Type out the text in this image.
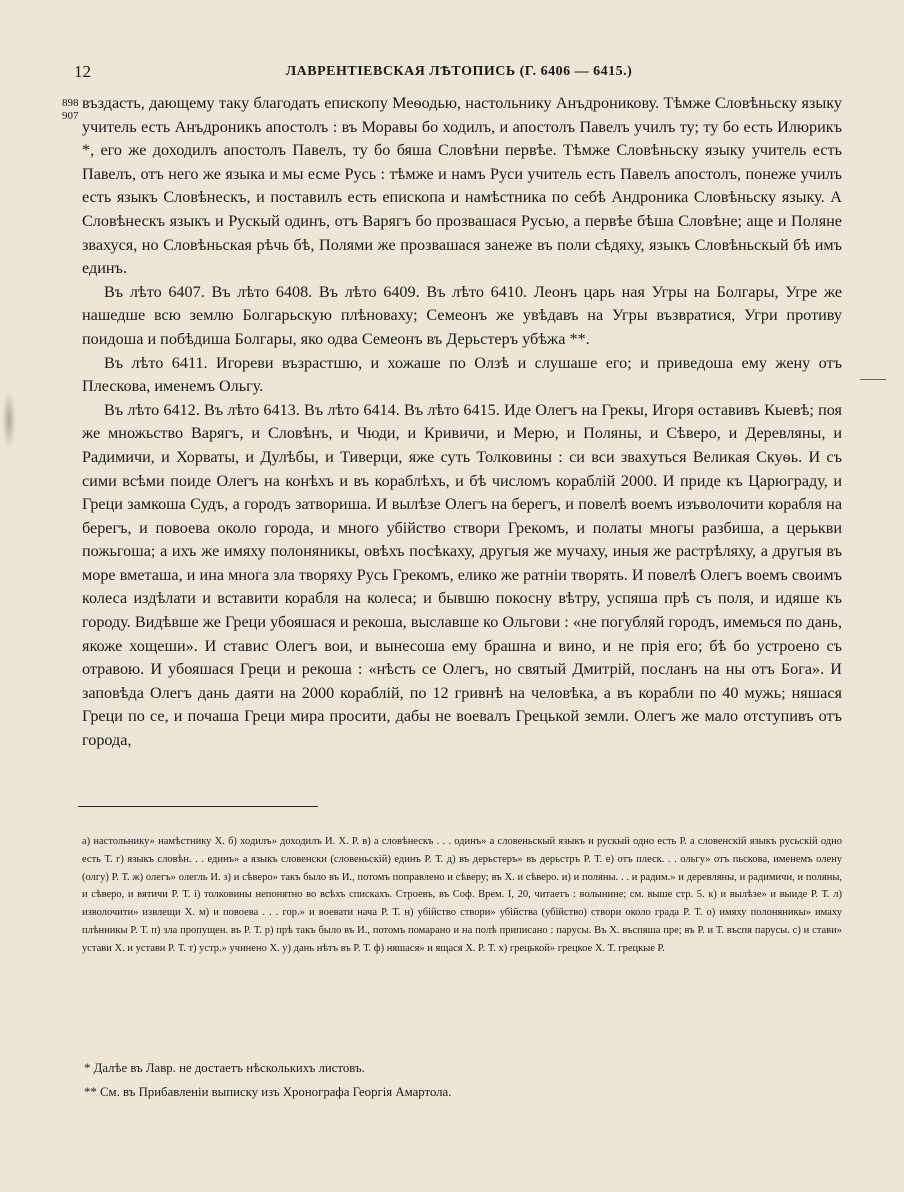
12	ЛАВРЕНТІЕВСКАЯ ЛѢТОПИСЬ (Г. 6406 — 6415.)
898
907

въздасть, дающему таку благодать епископу Меѳодью, настольнику Анъдроникову. Тѣмже Словѣньску языку учитель есть Анъдроникъ апостолъ : въ Моравы бо ходилъ, и апостолъ Павелъ училъ ту; ту бо есть Илюрикъ *, его же доходилъ апостолъ Павелъ, ту бо бяша Словѣни первѣе. Тѣмже Словѣньску языку учитель есть Павелъ, отъ него же языка и мы есме Русь : тѣмже и намъ Руси учитель есть Павелъ апостолъ, понеже училъ есть языкъ Словѣнескъ, и поставилъ есть епископа и намѣстника по себѣ Андроника Словѣньску языку. А Словѣнескъ языкъ и Рускый одинъ, отъ Варягъ бо прозвашася Русью, а первѣе бѣша Словѣне; аще и Поляне звахуся, но Словѣньская рѣчь бѣ, Полями же прозвашася занеже въ поли сѣдяху, языкъ Словѣньскый бѣ имъ единъ.

Въ лѣто 6407. Въ лѣто 6408. Въ лѣто 6409. Въ лѣто 6410. Леонъ царь ная Угры на Болгары, Угре же нашедше всю землю Болгарьскую плѣноваху; Семеонъ же увѣдавъ на Угры възвратися, Угри противу поидоша и побѣдиша Болгары, яко одва Семеонъ въ Дерьстеръ убѣжа **.

Въ лѣто 6411. Игореви възрастшю, и хожаше по Олзѣ и слушаше его; и приведоша ему жену отъ Плескова, именемъ Ольгу.

Въ лѣто 6412. Въ лѣто 6413. Въ лѣто 6414. Въ лѣто 6415. Иде Олегъ на Грекы, Игоря оставивъ Кыевѣ; поя же множьство Варягъ, и Словѣнъ, и Чюди, и Кривичи, и Мерю, и Поляны, и Сѣверо, и Деревляны, и Радимичи, и Хорваты, и Дулѣбы, и Тиверци, яже суть Толковины : си вси звахуться Великая Скуѳь. И съ сими всѣми поиде Олегъ на конѣхъ и въ кораблѣхъ, и бѣ числомъ кораблій 2000. И приде къ Царюграду, и Греци замкоша Судъ, а городъ затвориша. И вылѣзе Олегъ на берегъ, и повелѣ воемъ изъволочити корабля на берегъ, и повоева около города, и много убійство створи Грекомъ, и полаты многы разбиша, а церькви пожьгоша; а ихъ же имяху полоняникы, овѣхъ посѣкаху, другыя же мучаху, иныя же растрѣляху, а другыя въ море вметаша, и ина многа зла творяху Русь Грекомъ, елико же ратніи творять. И повелѣ Олегъ воемъ своимъ колеса издѣлати и вставити корабля на колеса; и бывшю покосну вѣтру, успяша прѣ съ поля, и идяше къ городу. Видѣвше же Греци убояшася и рекоша, выславше ко Ольгови : «не погубляй городъ, имемься по дань, якоже хощеши». И ставис Олегъ вои, и вынесоша ему брашна и вино, и не прія его; бѣ бо устроено съ отравою. И убояшася Греци и рекоша : «нѣсть се Олегъ, но святый Дмитрій, посланъ на ны отъ Бога». И заповѣда Олегъ дань даяти на 2000 кораблій, по 12 гривнѣ на человѣка, а въ корабли по 40 мужь; няшася Греци по се, и почаша Греци мира просити, дабы не воевалъ Грецькой земли. Олегъ же мало отступивъ отъ города,

а) настольнику» намѣстнику Х. б) ходилъ» доходилъ И. Х. Р. в) а словѣнескъ . . . одинъ» а словеньскый языкъ и рускый одно есть Р. а словенскій языкъ русьскій одно есть Т. г) языкъ словѣн. . . единъ» а языкъ словенски (словеньскій) единъ Р. Т. д) въ дерьстеръ» въ дерьстръ Р. Т. е) отъ плеск. . . ольгу» отъ пьскова, именемъ олену (олгу) Р. Т. ж) олегъ» олегль И. з) и сѣверо» такъ было въ И., потомъ поправлено и сѣверу; въ Х. и сѣверо. и) и поляны. . . и радим.» и деревляны, и радимичи, и поляны, и сѣверо, и вятичи Р. Т. і) толковины непонятно во всѣхъ спискахъ. Строевъ, въ Соф. Врем. І, 20, читаетъ : волынине; см. выше стр. 5. к) и вылѣзе» и выиде Р. Т. л) изволочити» извлещи Х. м) и повоева . . . гор.» и воевати нача Р. Т. н) убійство створи» убійства (убійство) створи около града Р. Т. о) имяху полоняникы» имаху плѣнникы Р. Т. п) зла пропущен. въ Р. Т. р) прѣ такъ было въ И., потомъ помарано и на полѣ приписано : парусы. Въ Х. въспяша пре; въ Р. и Т. въспя парусы. с) и стави» устави Х. и устави Р. Т. т) устр.» учинено Х. у) дань нѣтъ въ Р. Т. ф) няшася» и ящася Х. Р. Т. х) грецькой» грецкое Х. Т. грецкые Р.

* Далѣе въ Лавр. не достаетъ нѣсколькихъ листовъ.

** См. въ Прибавленіи выписку изъ Хронографа Георгія Амартола.
